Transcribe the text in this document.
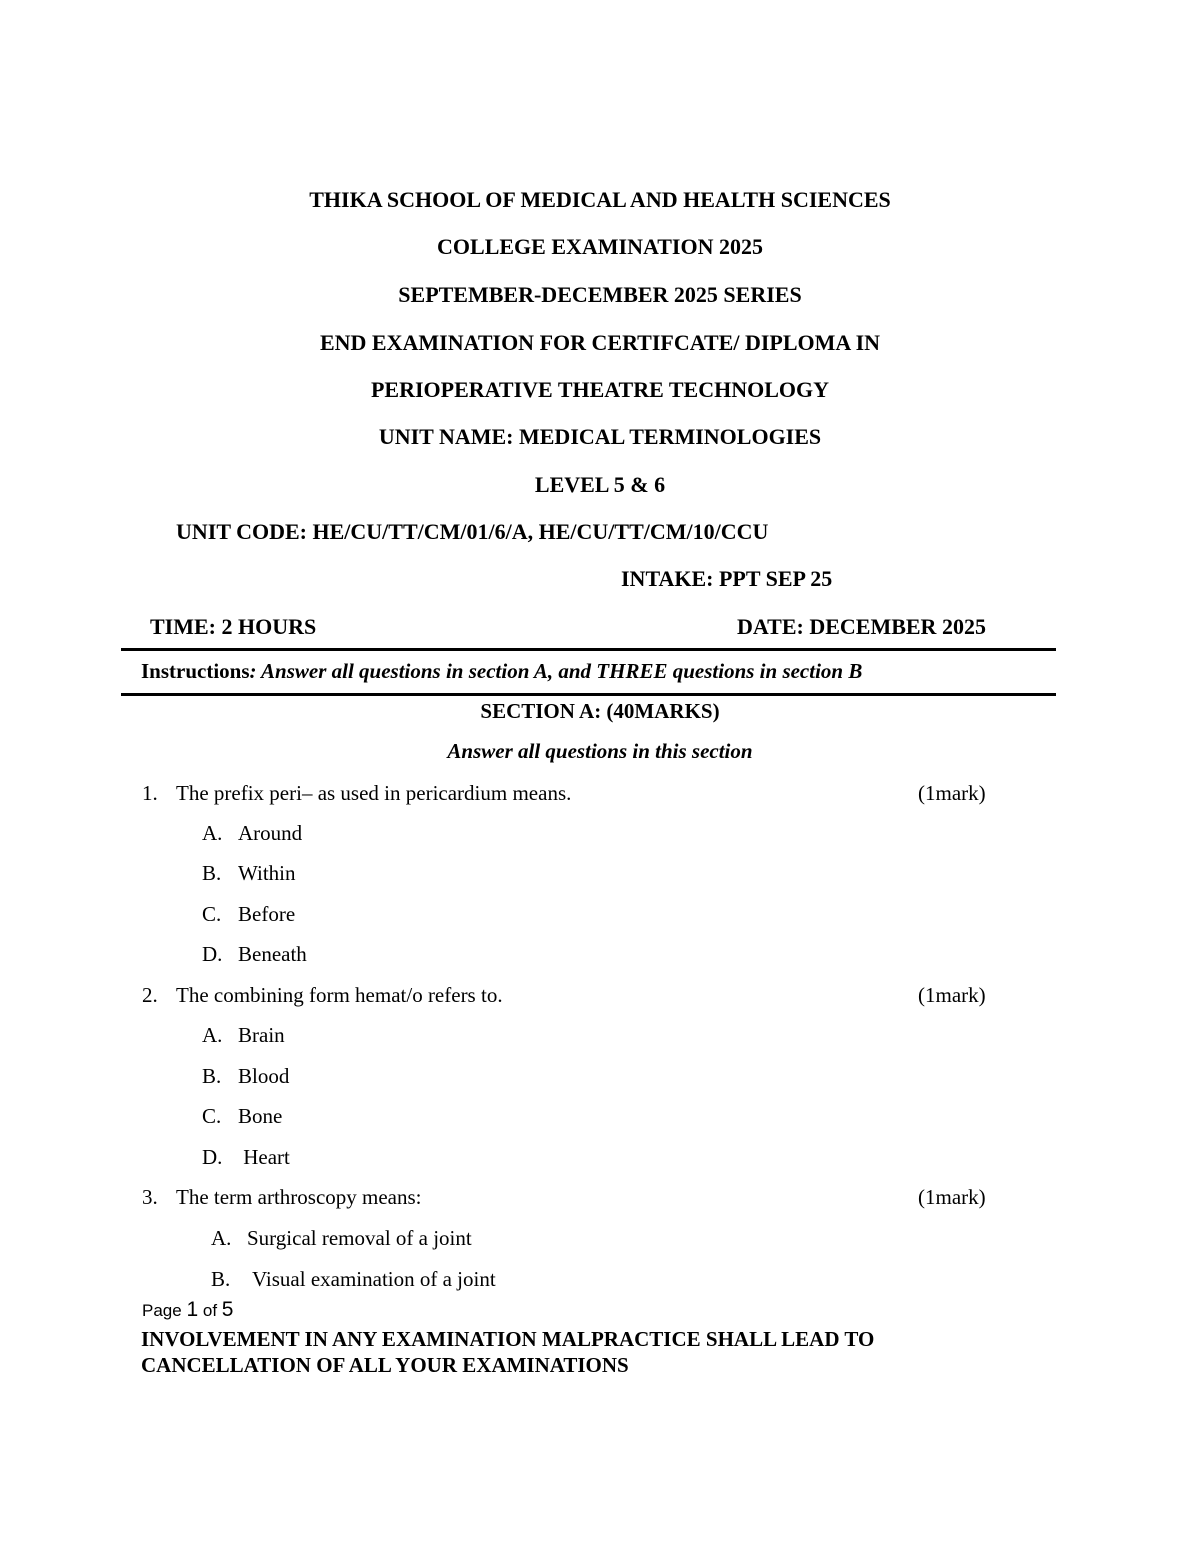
THIKA SCHOOL OF MEDICAL AND HEALTH SCIENCES
COLLEGE EXAMINATION 2025
SEPTEMBER-DECEMBER 2025 SERIES
END EXAMINATION FOR CERTIFCATE/ DIPLOMA IN
PERIOPERATIVE THEATRE TECHNOLOGY
UNIT NAME: MEDICAL TERMINOLOGIES
LEVEL 5 & 6
UNIT CODE: HE/CU/TT/CM/01/6/A, HE/CU/TT/CM/10/CCU
INTAKE: PPT SEP 25
TIME: 2 HOURS	DATE: DECEMBER 2025
Instructions: Answer all questions in section A, and THREE questions in section B
SECTION A: (40MARKS)
Answer all questions in this section
1. The prefix peri– as used in pericardium means.	(1mark)
A. Around
B. Within
C. Before
D. Beneath
2. The combining form hemat/o refers to.	(1mark)
A. Brain
B. Blood
C. Bone
D. Heart
3. The term arthroscopy means:	(1mark)
A. Surgical removal of a joint
B. Visual examination of a joint
Page 1 of 5
INVOLVEMENT IN ANY EXAMINATION MALPRACTICE SHALL LEAD TO
CANCELLATION OF ALL YOUR EXAMINATIONS
